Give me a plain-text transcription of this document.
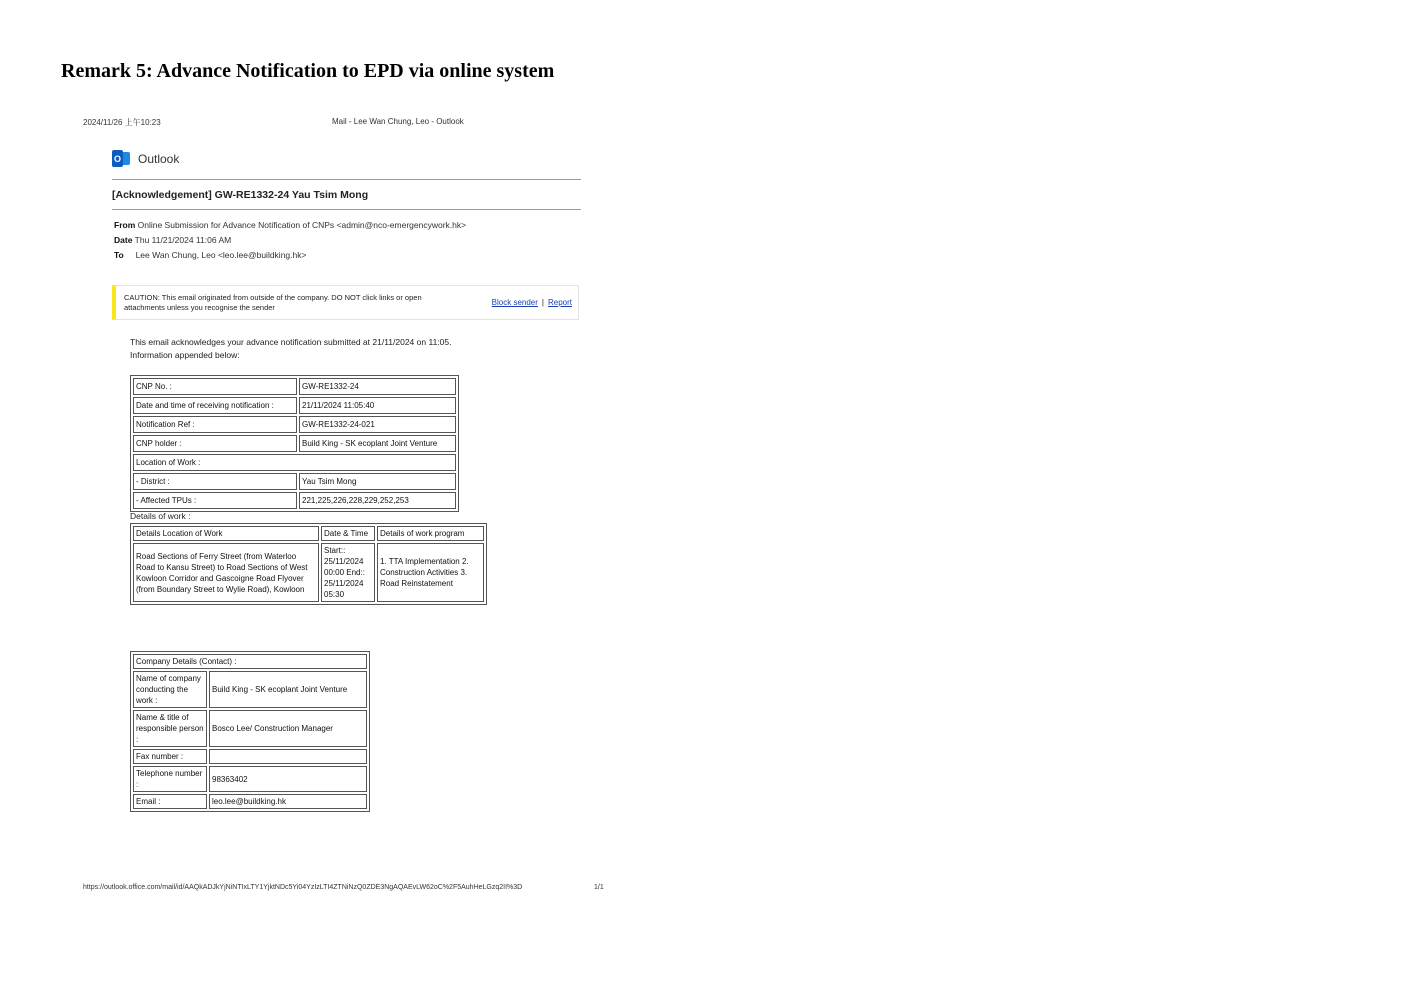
Remark 5: Advance Notification to EPD via online system
2024/11/26 上午10:23	Mail - Lee Wan Chung, Leo - Outlook
O Outlook
[Acknowledgement] GW-RE1332-24 Yau Tsim Mong
From Online Submission for Advance Notification of CNPs <admin@nco-emergencywork.hk>
Date Thu 11/21/2024 11:06 AM
To Lee Wan Chung, Leo <leo.lee@buildking.hk>
CAUTION: This email originated from outside of the company. DO NOT click links or open attachments unless you recognise the sender
Block sender | Report
This email acknowledges your advance notification submitted at 21/11/2024 on 11:05.
Information appended below:
CNP No. :	GW-RE1332-24
Date and time of receiving notification :	21/11/2024 11:05:40
Notification Ref :	GW-RE1332-24-021
CNP holder :	Build King - SK ecoplant Joint Venture
Location of Work :	
- District :	Yau Tsim Mong
- Affected TPUs :	221,225,226,228,229,252,253
Details of work :
Details Location of Work	Date & Time	Details of work program
Road Sections of Ferry Street (from Waterloo Road to Kansu Street) to Road Sections of West Kowloon Corridor and Gascoigne Road Flyover (from Boundary Street to Wylie Road), Kowloon	Start:: 25/11/2024 00:00 End:: 25/11/2024 05:30	1. TTA Implementation 2. Construction Activities 3. Road Reinstatement
Company Details (Contact) :	
Name of company conducting the work :	Build King - SK ecoplant Joint Venture
Name & title of responsible person :	Bosco Lee/ Construction Manager
Fax number :	
Telephone number :	98363402
Email :	leo.lee@buildking.hk
https://outlook.office.com/mail/id/AAQkADJkYjNiNTIxLTY1YjktNDc5Yi04YzIzLTI4ZTNiNzQ0ZDE3NgAQAEvLW62oC%2F5AuhHeLGzq2II%3D	1/1
